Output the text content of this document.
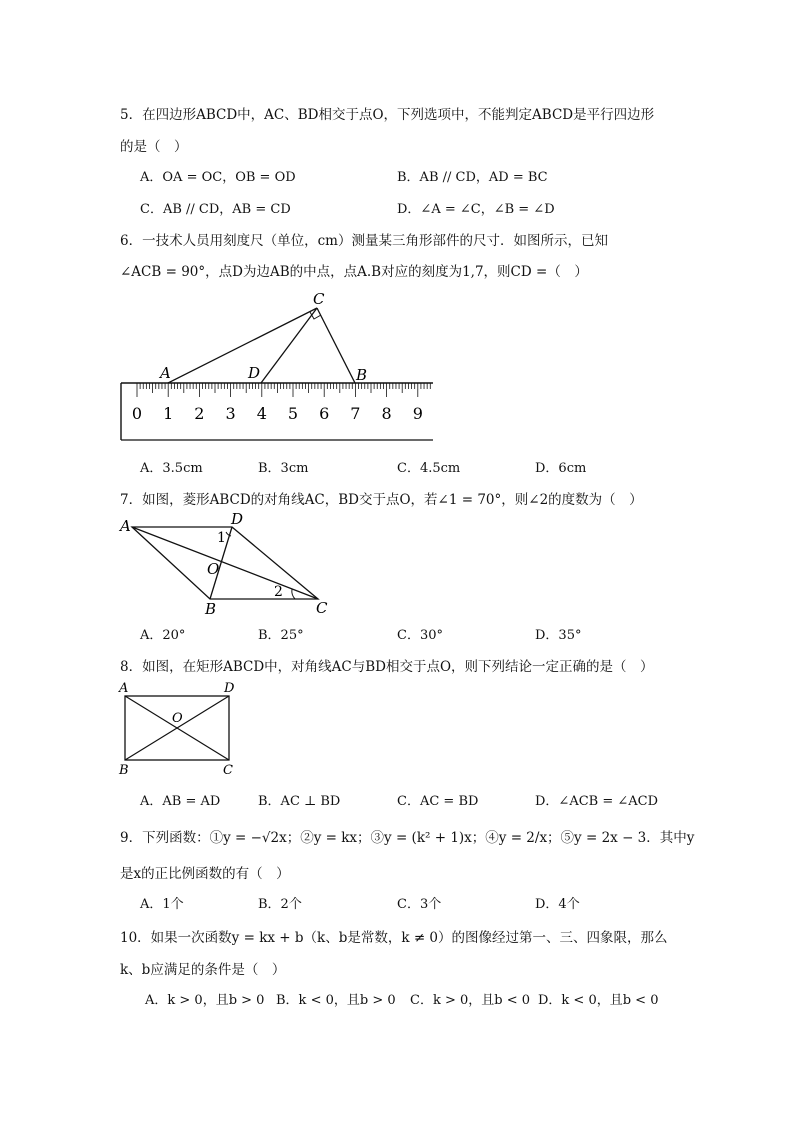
5．在四边形ABCD中，AC、BD相交于点O，下列选项中，不能判定ABCD是平行四边形
的是（　）
A．OA = OC，OB = OD	B．AB // CD，AD = BC
C．AB // CD，AB = CD	D．∠A = ∠C，∠B = ∠D
6．一技术人员用刻度尺（单位，cm）测量某三角形部件的尺寸．如图所示，已知
∠ACB = 90°，点D为边AB的中点，点A.B对应的刻度为1,7，则CD =（　）
0 1 2 3 4 5 6 7 8 9
C
A	D	B
A．3.5cm	B．3cm	C．4.5cm	D．6cm
7．如图，菱形ABCD的对角线AC，BD交于点O，若∠1 = 70°，则∠2的度数为（　）
A	D
1
O
2
B	C
A．20°	B．25°	C．30°	D．35°
8．如图，在矩形ABCD中，对角线AC与BD相交于点O，则下列结论一定正确的是（　）
A	D
O
B	C
A．AB = AD	B．AC ⊥ BD	C．AC = BD	D．∠ACB = ∠ACD
9．下列函数：①y = −√2x；②y = kx；③y = (k² + 1)x；④y = 2/x；⑤y = 2x − 3．其中y
是x的正比例函数的有（　）
A．1个	B．2个	C．3个	D．4个
10．如果一次函数y = kx + b（k、b是常数，k ≠ 0）的图像经过第一、三、四象限，那么
k、b应满足的条件是（　）
A．k > 0，且b > 0 B．k < 0，且b > 0 C．k > 0，且b < 0 D．k < 0，且b < 0
